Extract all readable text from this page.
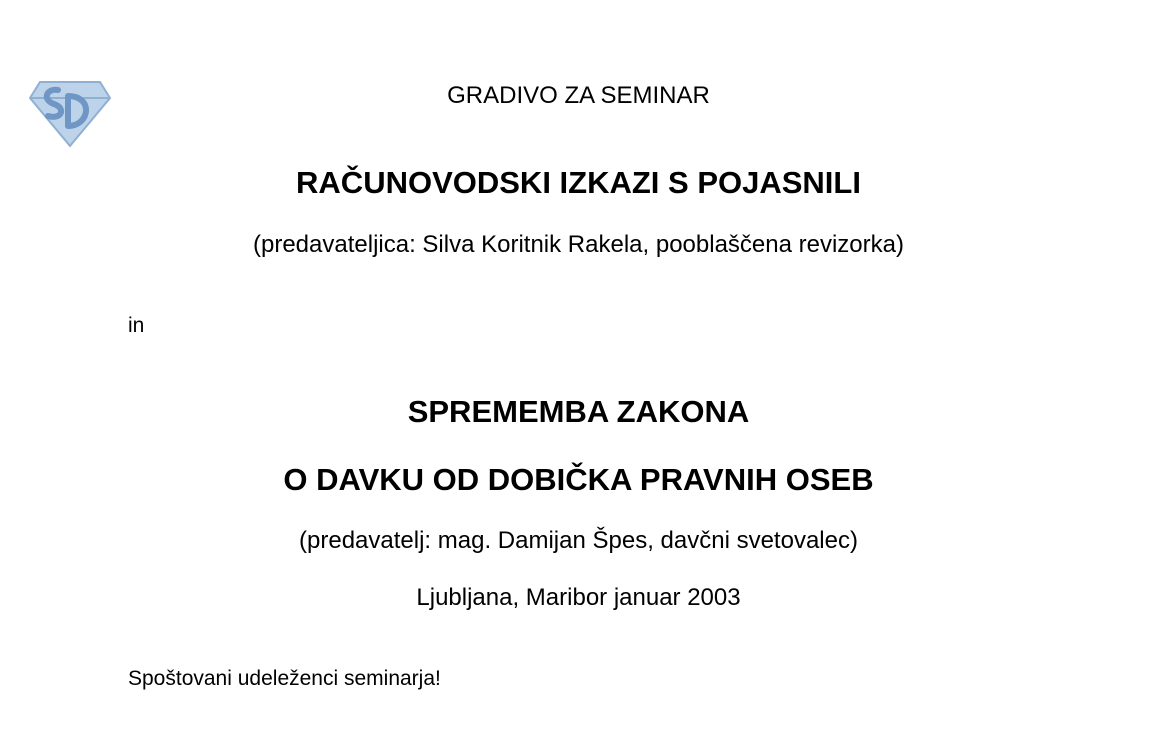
GRADIVO ZA SEMINAR
RAČUNOVODSKI IZKAZI S POJASNILI
(predavateljica: Silva Koritnik Rakela, pooblaščena revizorka)
in
SPREMEMBA ZAKONA
O DAVKU OD DOBIČKA PRAVNIH OSEB
(predavatelj: mag. Damijan Špes, davčni svetovalec)
Ljubljana, Maribor januar 2003
Spoštovani udeleženci seminarja!
